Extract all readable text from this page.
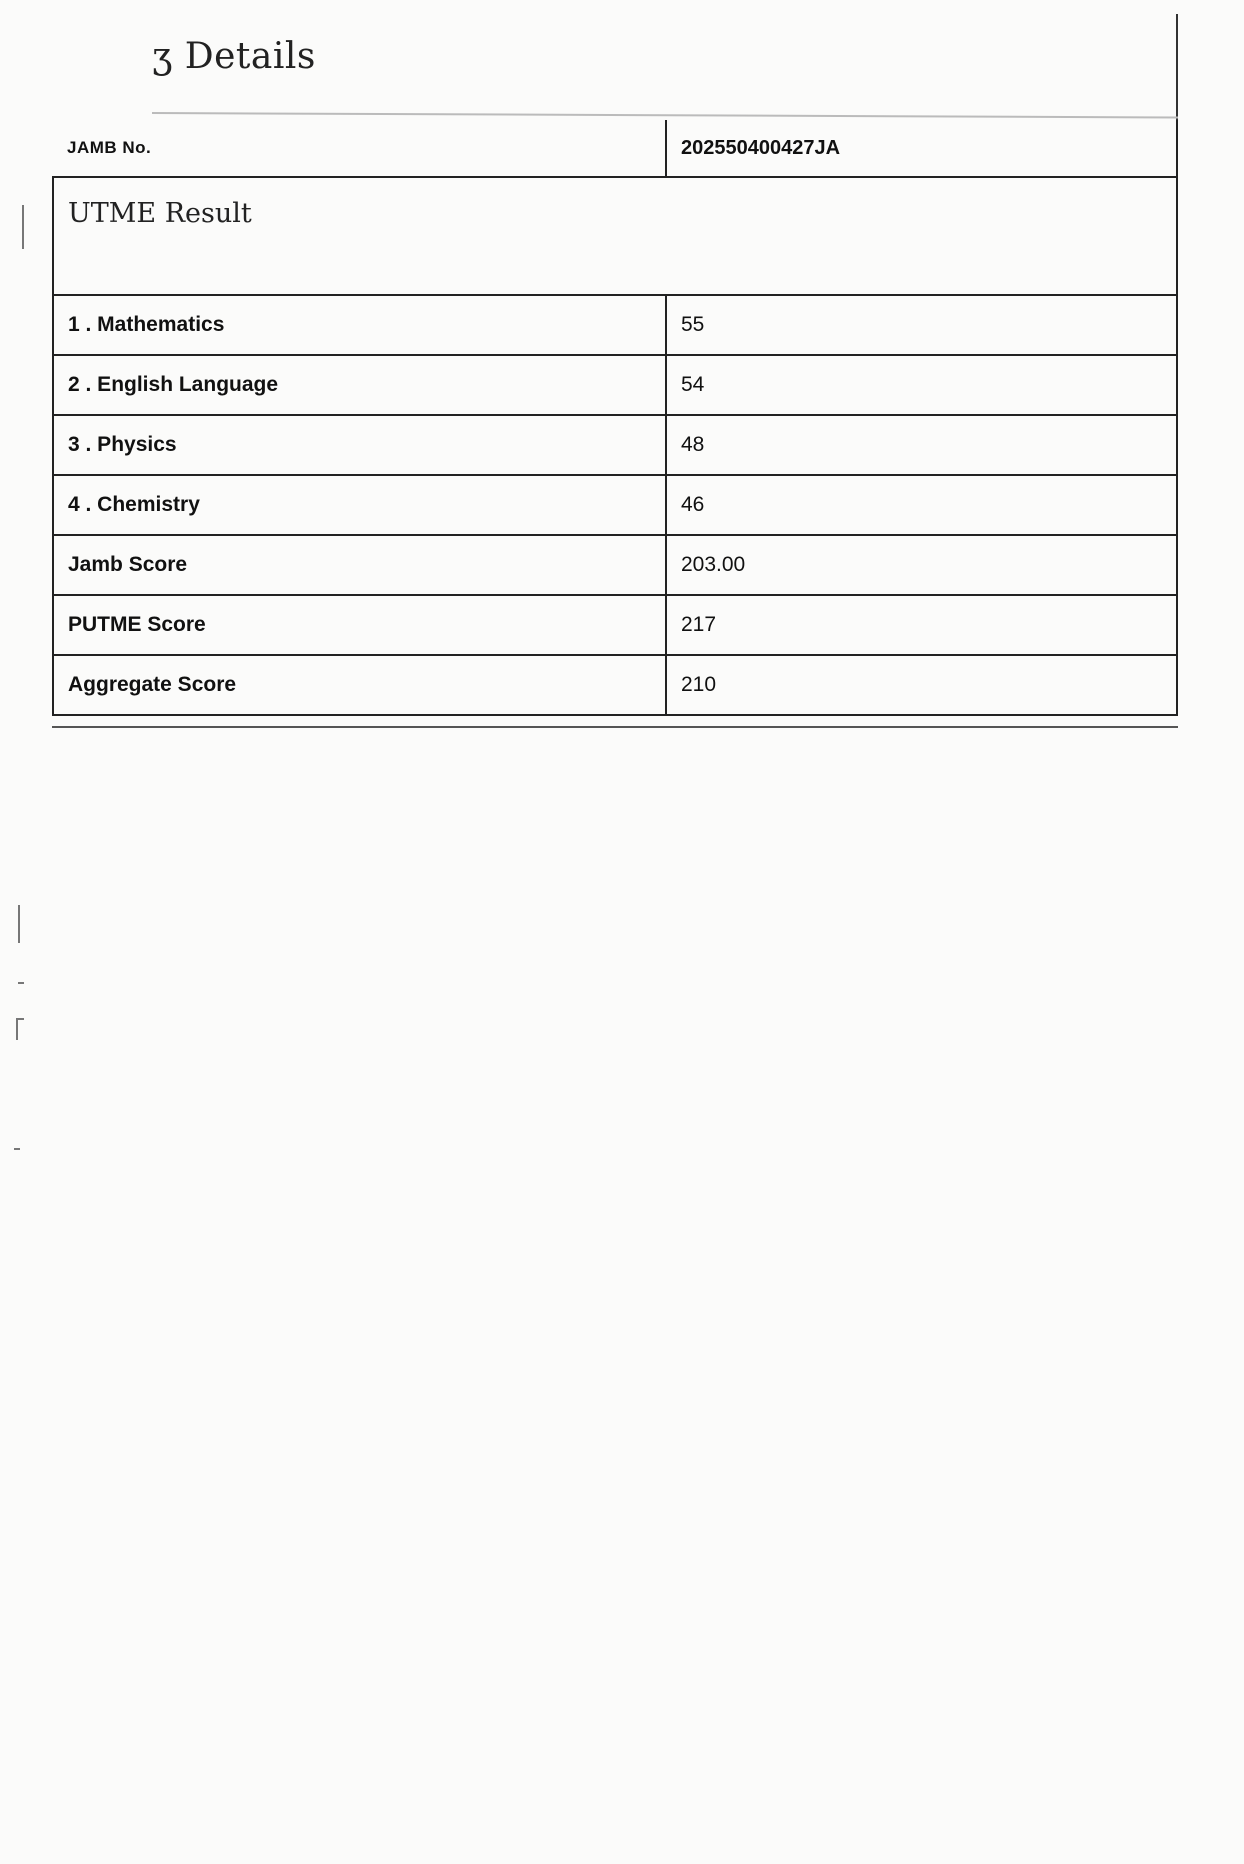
ʒ Details
JAMB No.	202550400427JA
UTME Result	
1 . Mathematics	55
2 . English Language	54
3 . Physics	48
4 . Chemistry	46
Jamb Score	203.00
PUTME Score	217
Aggregate Score	210
